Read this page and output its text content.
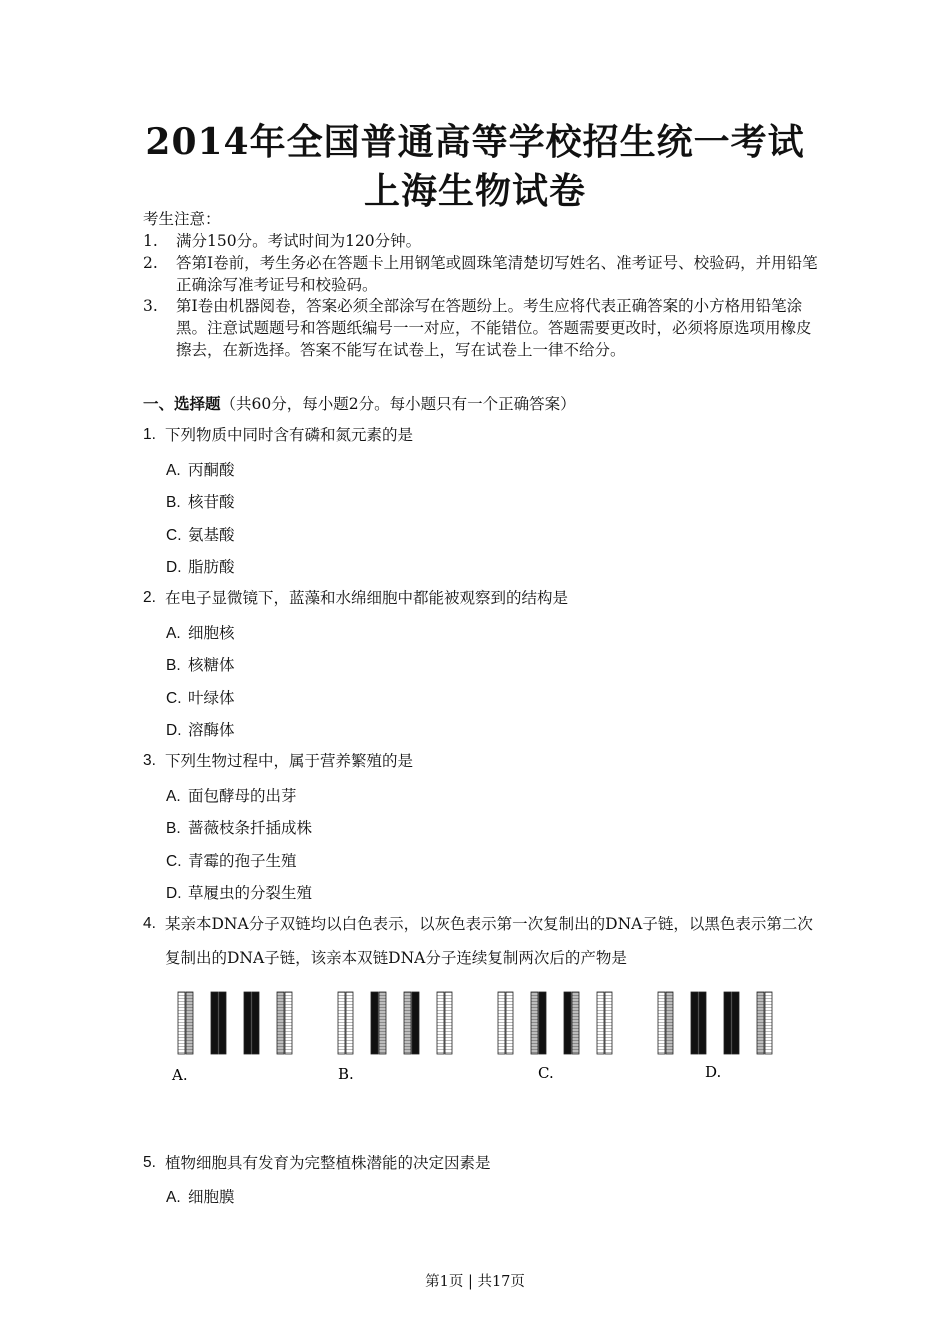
2014年全国普通高等学校招生统一考试
上海生物试卷
考生注意：
1. 满分150分。考试时间为120分钟。
2. 答第Ⅰ卷前，考生务必在答题卡上用钢笔或圆珠笔清楚切写姓名、准考证号、校验码，并用铅笔正确涂写准考证号和校验码。
3. 第Ⅰ卷由机器阅卷，答案必须全部涂写在答题纷上。考生应将代表正确答案的小方格用铅笔涂黑。注意试题题号和答题纸编号一一对应，不能错位。答题需要更改时，必须将原选项用橡皮擦去，在新选择。答案不能写在试卷上，写在试卷上一律不给分。
一、选择题（共60分，每小题2分。每小题只有一个正确答案）
1. 下列物质中同时含有磷和氮元素的是
A. 丙酮酸
B. 核苷酸
C. 氨基酸
D. 脂肪酸
2. 在电子显微镜下，蓝藻和水绵细胞中都能被观察到的结构是
A. 细胞核
B. 核糖体
C. 叶绿体
D. 溶酶体
3. 下列生物过程中，属于营养繁殖的是
A. 面包酵母的出芽
B. 蔷薇枝条扦插成株
C. 青霉的孢子生殖
D. 草履虫的分裂生殖
4. 某亲本DNA分子双链均以白色表示，以灰色表示第一次复制出的DNA子链，以黑色表示第二次复制出的DNA子链，该亲本双链DNA分子连续复制两次后的产物是
A.	B.	C.	D.
5. 植物细胞具有发育为完整植株潜能的决定因素是
A. 细胞膜
第1页 | 共17页
